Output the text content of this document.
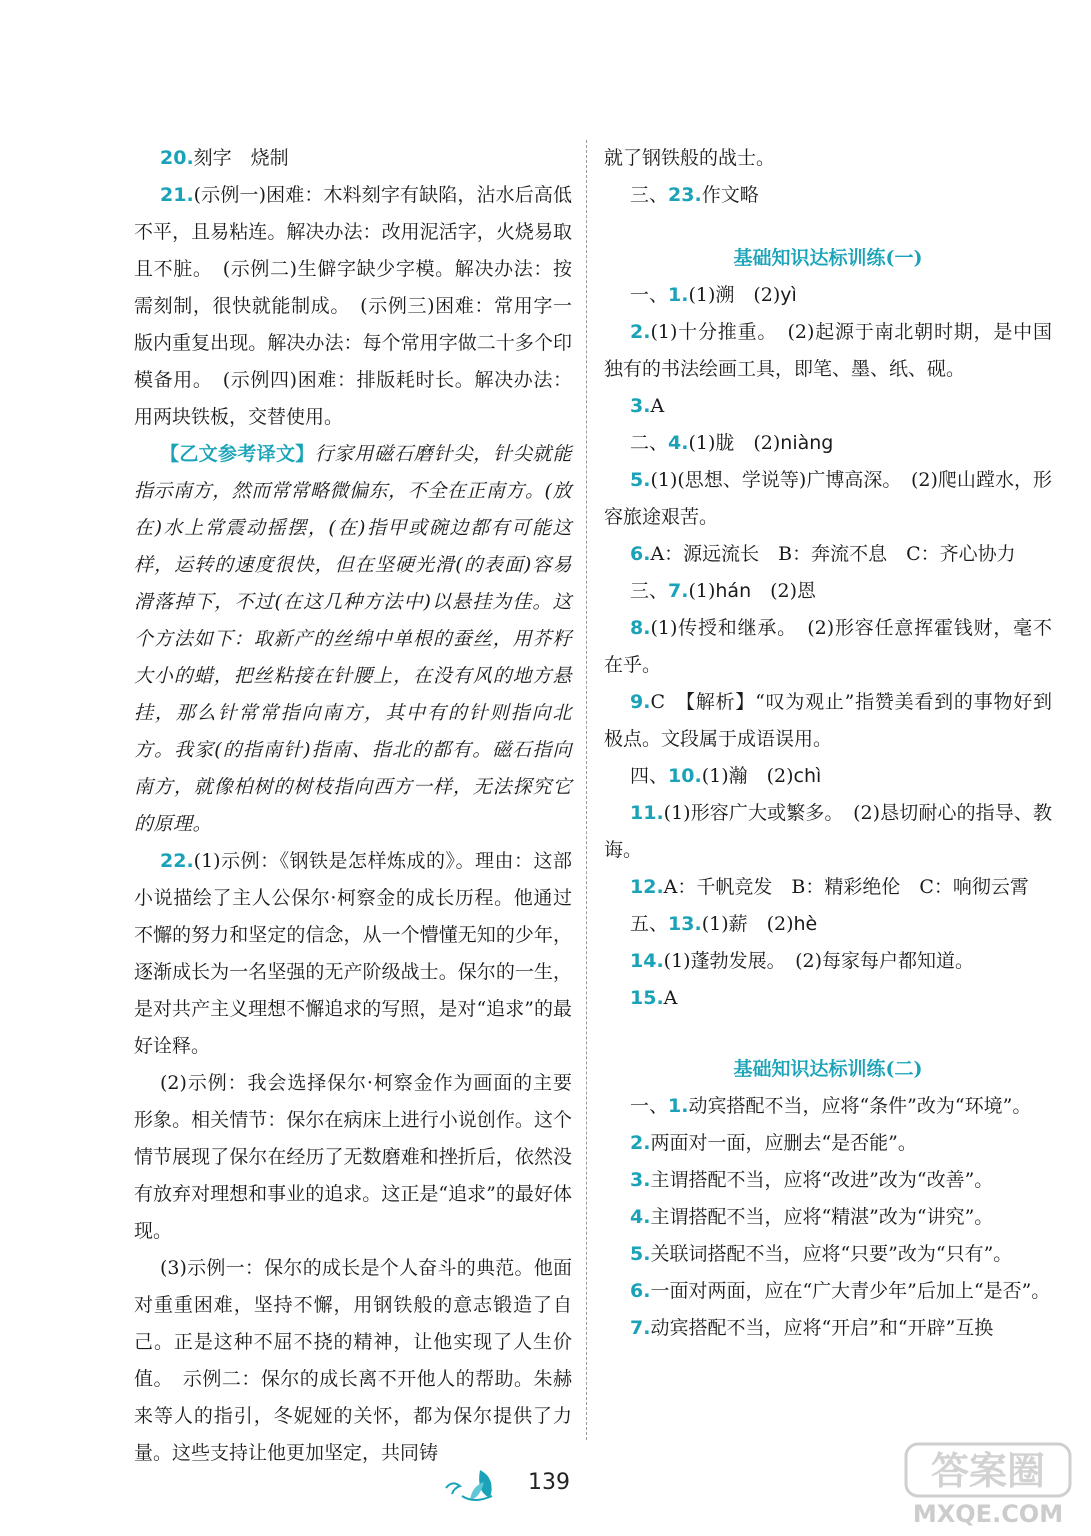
20.刻字　烧制

21.(示例一)困难：木料刻字有缺陷，沾水后高低不平，且易粘连。解决办法：改用泥活字，火烧易取且不脏。　(示例二)生僻字缺少字模。解决办法：按需刻制，很快就能制成。　(示例三)困难：常用字一版内重复出现。解决办法：每个常用字做二十多个印模备用。　(示例四)困难：排版耗时长。解决办法：用两块铁板，交替使用。

【乙文参考译文】行家用磁石磨针尖，针尖就能指示南方，然而常常略微偏东，不全在正南方。(放在)水上常震动摇摆，(在)指甲或碗边都有可能这样，运转的速度很快，但在坚硬光滑(的表面)容易滑落掉下，不过(在这几种方法中)以悬挂为佳。这个方法如下：取新产的丝绵中单根的蚕丝，用芥籽大小的蜡，把丝粘接在针腰上，在没有风的地方悬挂，那么针常常指向南方，其中有的针则指向北方。我家(的指南针)指南、指北的都有。磁石指向南方，就像柏树的树枝指向西方一样，无法探究它的原理。

22.(1)示例：《钢铁是怎样炼成的》。理由：这部小说描绘了主人公保尔·柯察金的成长历程。他通过不懈的努力和坚定的信念，从一个懵懂无知的少年，逐渐成长为一名坚强的无产阶级战士。保尔的一生，是对共产主义理想不懈追求的写照，是对“追求”的最好诠释。

(2)示例：我会选择保尔·柯察金作为画面的主要形象。相关情节：保尔在病床上进行小说创作。这个情节展现了保尔在经历了无数磨难和挫折后，依然没有放弃对理想和事业的追求。这正是“追求”的最好体现。

(3)示例一：保尔的成长是个人奋斗的典范。他面对重重困难，坚持不懈，用钢铁般的意志锻造了自己。正是这种不屈不挠的精神，让他实现了人生价值。　示例二：保尔的成长离不开他人的帮助。朱赫来等人的指引，冬妮娅的关怀，都为保尔提供了力量。这些支持让他更加坚定，共同铸

就了钢铁般的战士。

三、23.作文略

基础知识达标训练(一)

一、1.(1)溯　(2)yì

2.(1)十分推重。　(2)起源于南北朝时期，是中国独有的书法绘画工具，即笔、墨、纸、砚。

3.A

二、4.(1)胧　(2)niàng

5.(1)(思想、学说等)广博高深。　(2)爬山蹚水，形容旅途艰苦。

6.A：源远流长　B：奔流不息　C：齐心协力

三、7.(1)hán　(2)恩

8.(1)传授和继承。　(2)形容任意挥霍钱财，毫不在乎。

9.C　【解析】“叹为观止”指赞美看到的事物好到极点。文段属于成语误用。

四、10.(1)瀚　(2)chì

11.(1)形容广大或繁多。　(2)恳切耐心的指导、教诲。

12.A：千帆竞发　B：精彩绝伦　C：响彻云霄

五、13.(1)薪　(2)hè

14.(1)蓬勃发展。　(2)每家每户都知道。

15.A

基础知识达标训练(二)

一、1.动宾搭配不当，应将“条件”改为“环境”。

2.两面对一面，应删去“是否能”。

3.主谓搭配不当，应将“改进”改为“改善”。

4.主谓搭配不当，应将“精湛”改为“讲究”。

5.关联词搭配不当，应将“只要”改为“只有”。

6.一面对两面，应在“广大青少年”后加上“是否”。

7.动宾搭配不当，应将“开启”和“开辟”互换

139	答案圈
MXQE.COM
